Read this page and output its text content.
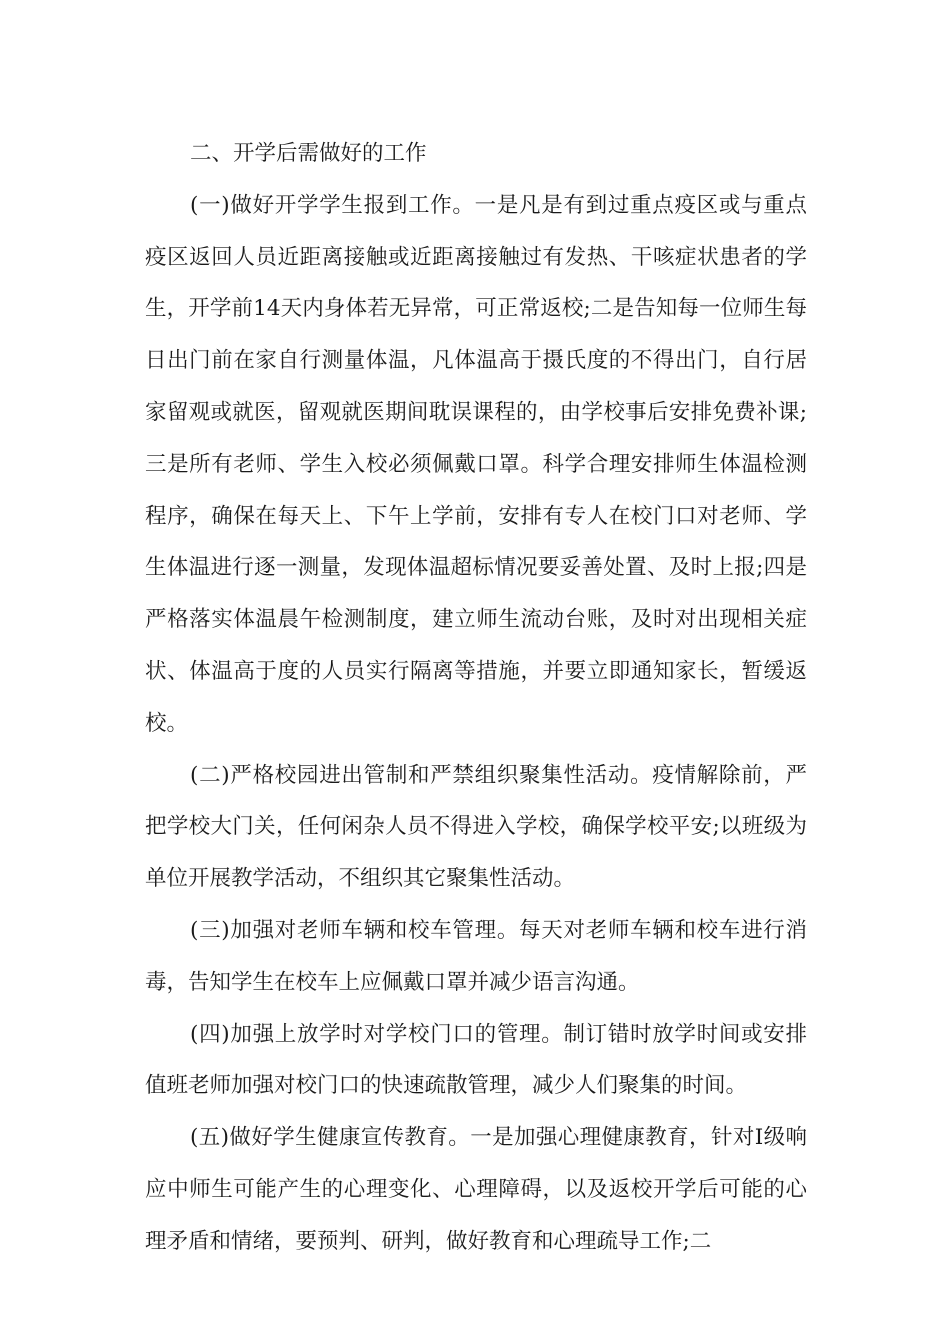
二、开学后需做好的工作

(一)做好开学学生报到工作。一是凡是有到过重点疫区或与重点疫区返回人员近距离接触或近距离接触过有发热、干咳症状患者的学生，开学前14天内身体若无异常，可正常返校;二是告知每一位师生每日出门前在家自行测量体温，凡体温高于摄氏度的不得出门，自行居家留观或就医，留观就医期间耽误课程的，由学校事后安排免费补课;三是所有老师、学生入校必须佩戴口罩。科学合理安排师生体温检测程序，确保在每天上、下午上学前，安排有专人在校门口对老师、学生体温进行逐一测量，发现体温超标情况要妥善处置、及时上报;四是严格落实体温晨午检测制度，建立师生流动台账，及时对出现相关症状、体温高于度的人员实行隔离等措施，并要立即通知家长，暂缓返校。

(二)严格校园进出管制和严禁组织聚集性活动。疫情解除前，严把学校大门关，任何闲杂人员不得进入学校，确保学校平安;以班级为单位开展教学活动，不组织其它聚集性活动。

(三)加强对老师车辆和校车管理。每天对老师车辆和校车进行消毒，告知学生在校车上应佩戴口罩并减少语言沟通。

(四)加强上放学时对学校门口的管理。制订错时放学时间或安排值班老师加强对校门口的快速疏散管理，减少人们聚集的时间。

(五)做好学生健康宣传教育。一是加强心理健康教育，针对Ⅰ级响应中师生可能产生的心理变化、心理障碍，以及返校开学后可能的心理矛盾和情绪，要预判、研判，做好教育和心理疏导工作;二
